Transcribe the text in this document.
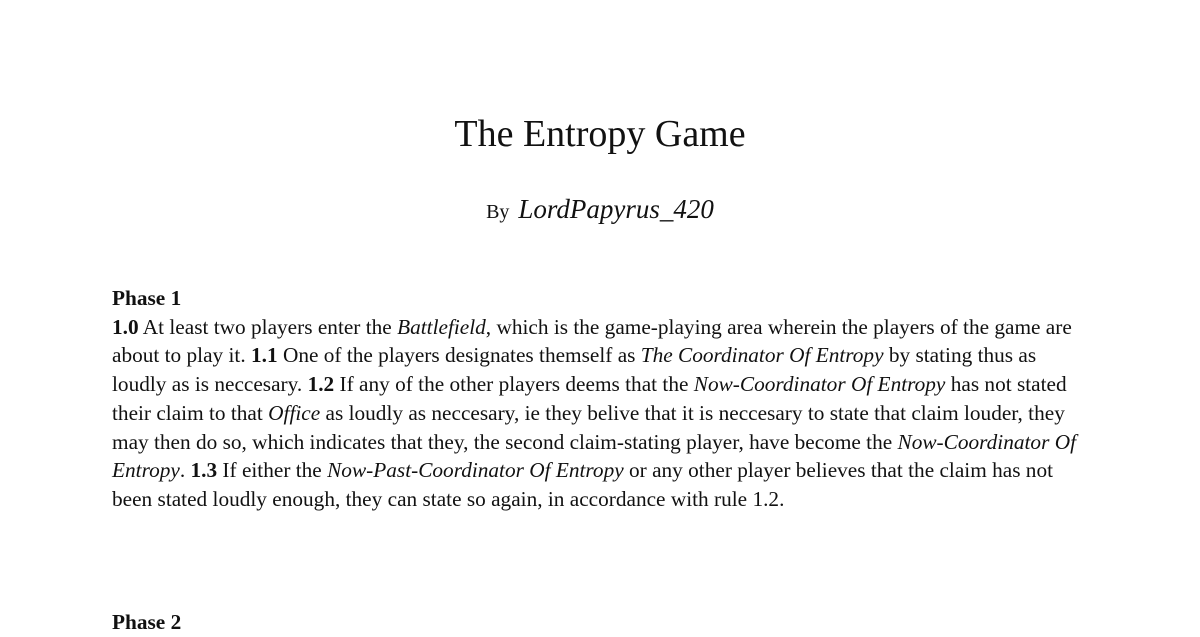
The Entropy Game
By LordPapyrus_420
Phase 1
1.0 At least two players enter the Battlefield, which is the game-playing area wherein the players of the game are about to play it. 1.1 One of the players designates themself as The Coordinator Of Entropy by stating thus as loudly as is neccesary. 1.2 If any of the other players deems that the Now-Coordinator Of Entropy has not stated their claim to that Office as loudly as neccesary, ie they belive that it is neccesary to state that claim louder, they may then do so, which indicates that they, the second claim-stating player, have become the Now-Coordinator Of Entropy. 1.3 If either the Now-Past-Coordinator Of Entropy or any other player believes that the claim has not been stated loudly enough, they can state so again, in accordance with rule 1.2.
Phase 2
